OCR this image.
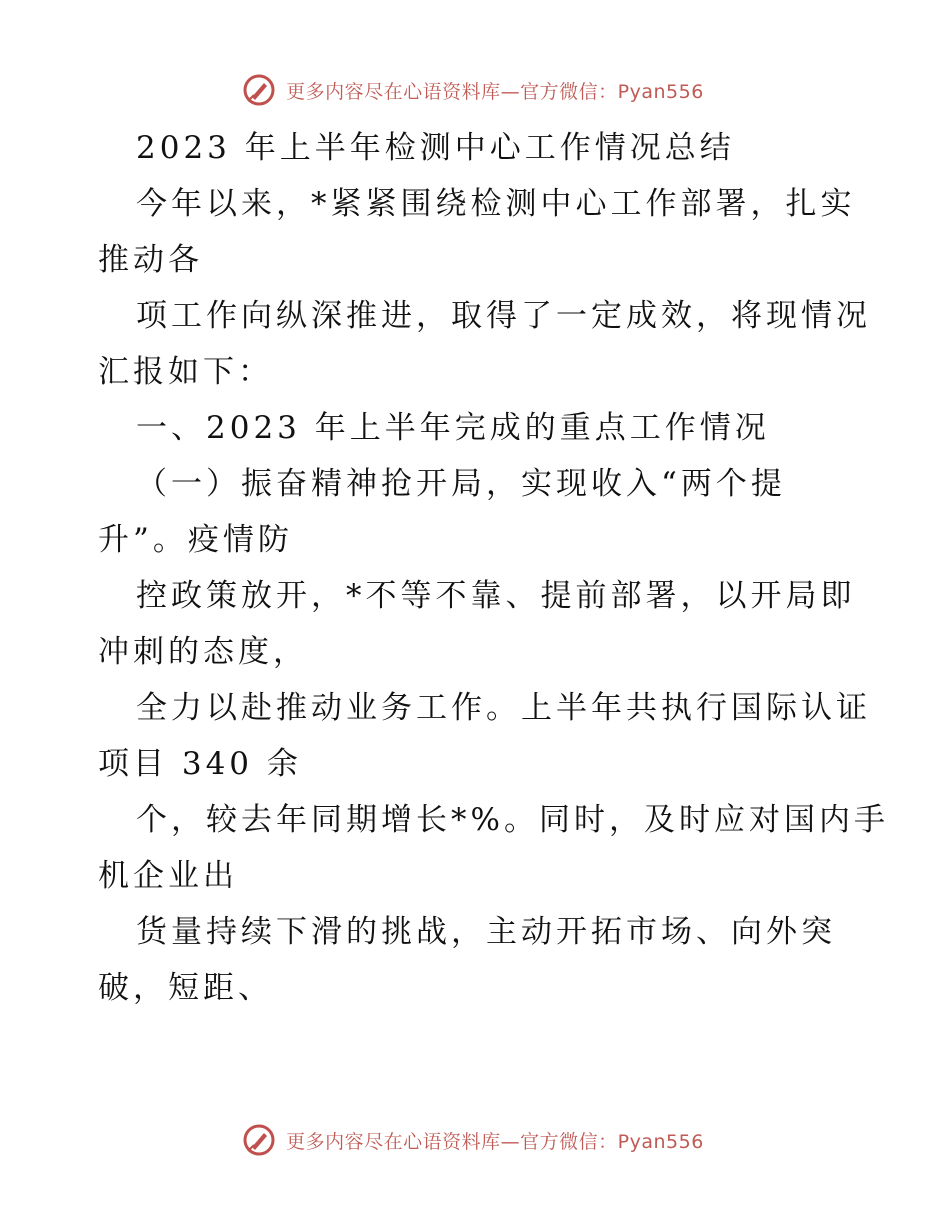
更多内容尽在心语资料库—官方微信：Pyan556
2023 年上半年检测中心工作情况总结
今年以来，*紧紧围绕检测中心工作部署，扎实
推动各
项工作向纵深推进，取得了一定成效，将现情况
汇报如下：
一、2023 年上半年完成的重点工作情况
（一）振奋精神抢开局，实现收入“两个提
升”。疫情防
控政策放开，*不等不靠、提前部署，以开局即
冲刺的态度，
全力以赴推动业务工作。上半年共执行国际认证
项目 340 余
个，较去年同期增长*%。同时，及时应对国内手
机企业出
货量持续下滑的挑战，主动开拓市场、向外突
破，短距、
更多内容尽在心语资料库—官方微信：Pyan556
